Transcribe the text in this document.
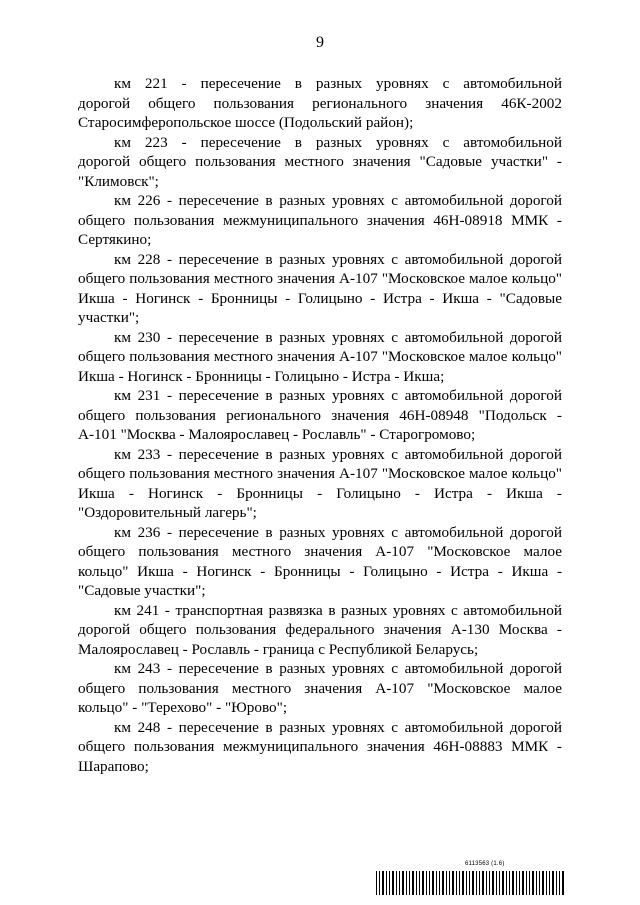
9
км 221 - пересечение в разных уровнях с автомобильной
дорогой общего пользования регионального значения 46К-2002
Старосимферопольское шоссе (Подольский район);
км 223 - пересечение в разных уровнях с автомобильной
дорогой общего пользования местного значения "Садовые участки" -
"Климовск";
км 226 - пересечение в разных уровнях с автомобильной дорогой
общего пользования межмуниципального значения 46Н-08918 ММК -
Сертякино;
км 228 - пересечение в разных уровнях с автомобильной дорогой
общего пользования местного значения А-107 "Московское малое кольцо"
Икша - Ногинск - Бронницы - Голицыно - Истра - Икша - "Садовые
участки";
км 230 - пересечение в разных уровнях с автомобильной дорогой
общего пользования местного значения А-107 "Московское малое кольцо"
Икша - Ногинск - Бронницы - Голицыно - Истра - Икша;
км 231 - пересечение в разных уровнях с автомобильной дорогой
общего пользования регионального значения 46Н-08948 "Подольск -
А-101 "Москва - Малоярославец - Рославль" - Старогромово;
км 233 - пересечение в разных уровнях с автомобильной дорогой
общего пользования местного значения А-107 "Московское малое кольцо"
Икша - Ногинск - Бронницы - Голицыно - Истра - Икша -
"Оздоровительный лагерь";
км 236 - пересечение в разных уровнях с автомобильной дорогой
общего пользования местного значения А-107 "Московское малое
кольцо" Икша - Ногинск - Бронницы - Голицыно - Истра - Икша -
"Садовые участки";
км 241 - транспортная развязка в разных уровнях с автомобильной
дорогой общего пользования федерального значения А-130 Москва -
Малоярославец - Рославль - граница с Республикой Беларусь;
км 243 - пересечение в разных уровнях с автомобильной дорогой
общего пользования местного значения А-107 "Московское малое
кольцо" - "Терехово" - "Юрово";
км 248 - пересечение в разных уровнях с автомобильной дорогой
общего пользования межмуниципального значения 46Н-08883 ММК -
Шарапово;
6113563 (1.6)
